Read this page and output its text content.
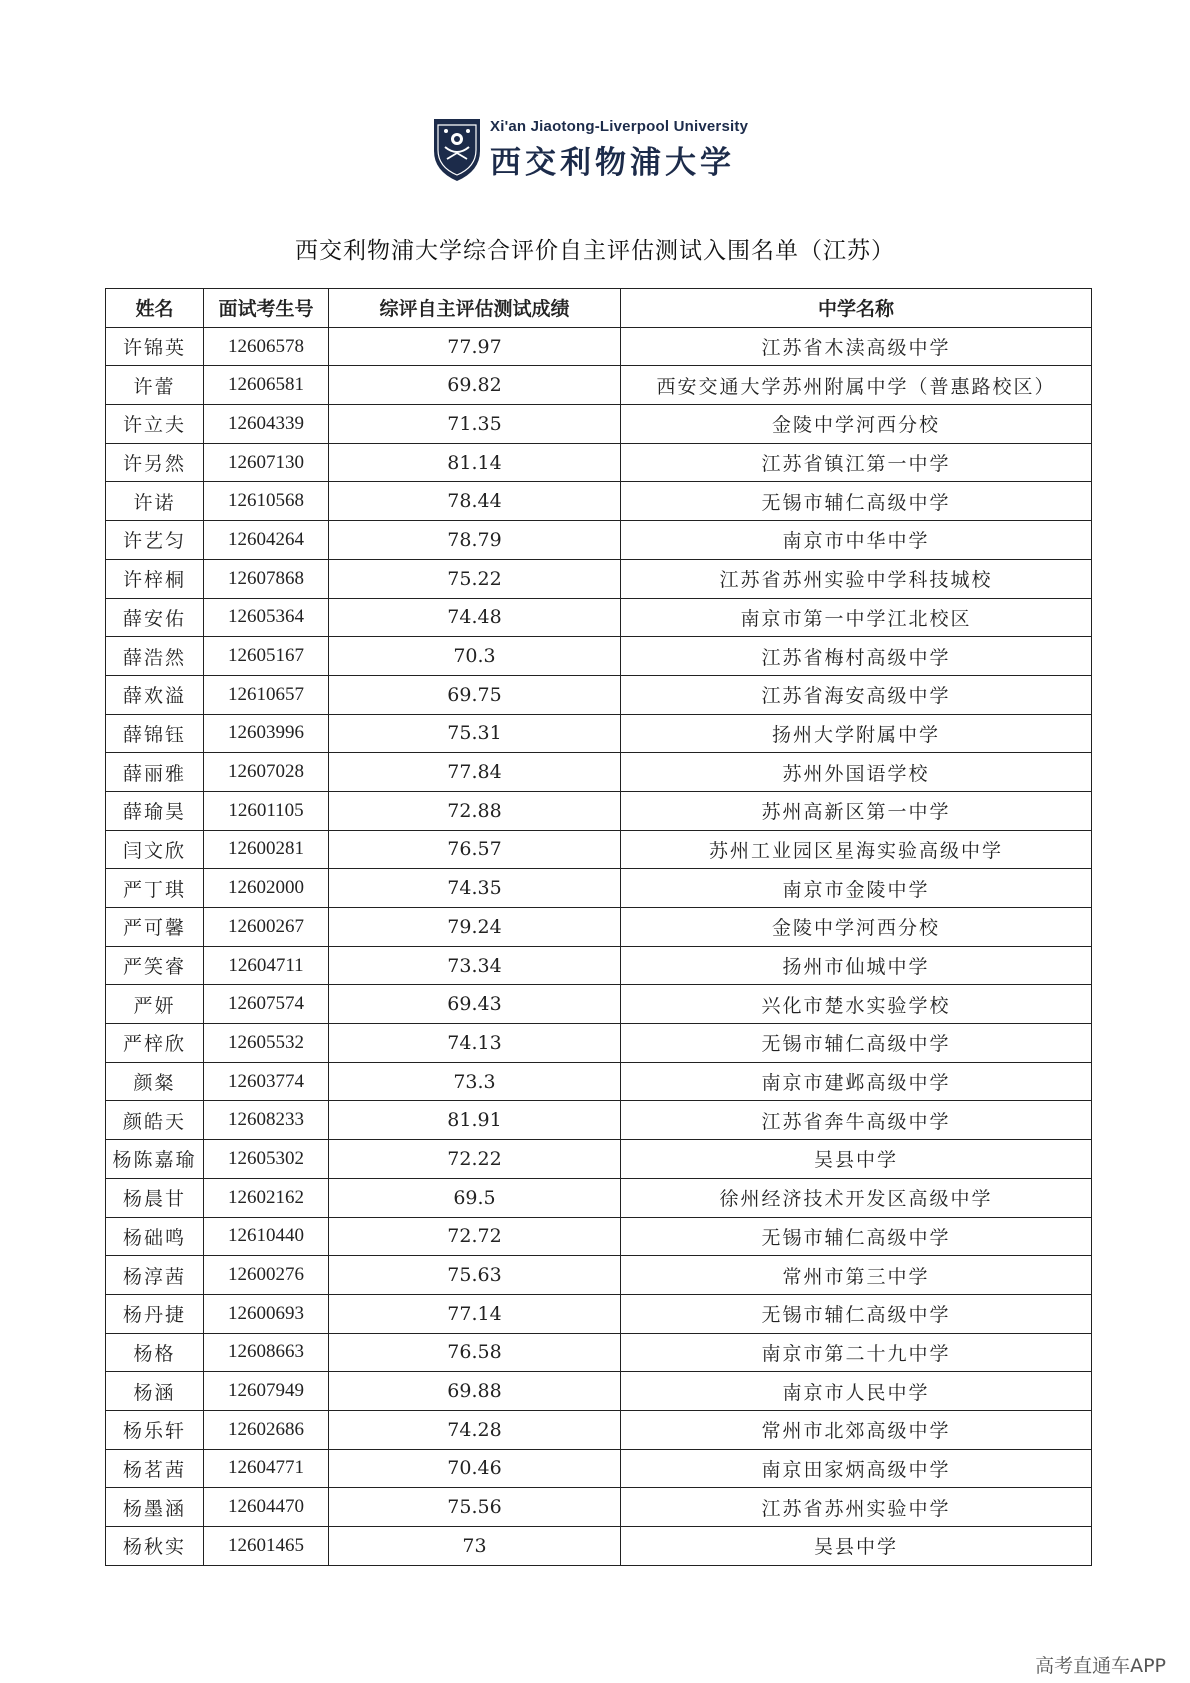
Xi'an Jiaotong-Liverpool University
西交利物浦大学
西交利物浦大学综合评价自主评估测试入围名单（江苏）
姓名	面试考生号	综评自主评估测试成绩	中学名称
许锦英	12606578	77.97	江苏省木渎高级中学
许蕾	12606581	69.82	西安交通大学苏州附属中学（普惠路校区）
许立夫	12604339	71.35	金陵中学河西分校
许另然	12607130	81.14	江苏省镇江第一中学
许诺	12610568	78.44	无锡市辅仁高级中学
许艺匀	12604264	78.79	南京市中华中学
许梓桐	12607868	75.22	江苏省苏州实验中学科技城校
薛安佑	12605364	74.48	南京市第一中学江北校区
薛浩然	12605167	70.3	江苏省梅村高级中学
薛欢溢	12610657	69.75	江苏省海安高级中学
薛锦钰	12603996	75.31	扬州大学附属中学
薛丽雅	12607028	77.84	苏州外国语学校
薛瑜昊	12601105	72.88	苏州高新区第一中学
闫文欣	12600281	76.57	苏州工业园区星海实验高级中学
严丁琪	12602000	74.35	南京市金陵中学
严可馨	12600267	79.24	金陵中学河西分校
严笑睿	12604711	73.34	扬州市仙城中学
严妍	12607574	69.43	兴化市楚水实验学校
严梓欣	12605532	74.13	无锡市辅仁高级中学
颜粲	12603774	73.3	南京市建邺高级中学
颜皓天	12608233	81.91	江苏省奔牛高级中学
杨陈嘉瑜	12605302	72.22	吴县中学
杨晨甘	12602162	69.5	徐州经济技术开发区高级中学
杨础鸣	12610440	72.72	无锡市辅仁高级中学
杨淳茜	12600276	75.63	常州市第三中学
杨丹捷	12600693	77.14	无锡市辅仁高级中学
杨格	12608663	76.58	南京市第二十九中学
杨涵	12607949	69.88	南京市人民中学
杨乐轩	12602686	74.28	常州市北郊高级中学
杨茗茜	12604771	70.46	南京田家炳高级中学
杨墨涵	12604470	75.56	江苏省苏州实验中学
杨秋实	12601465	73	吴县中学
高考直通车APP
